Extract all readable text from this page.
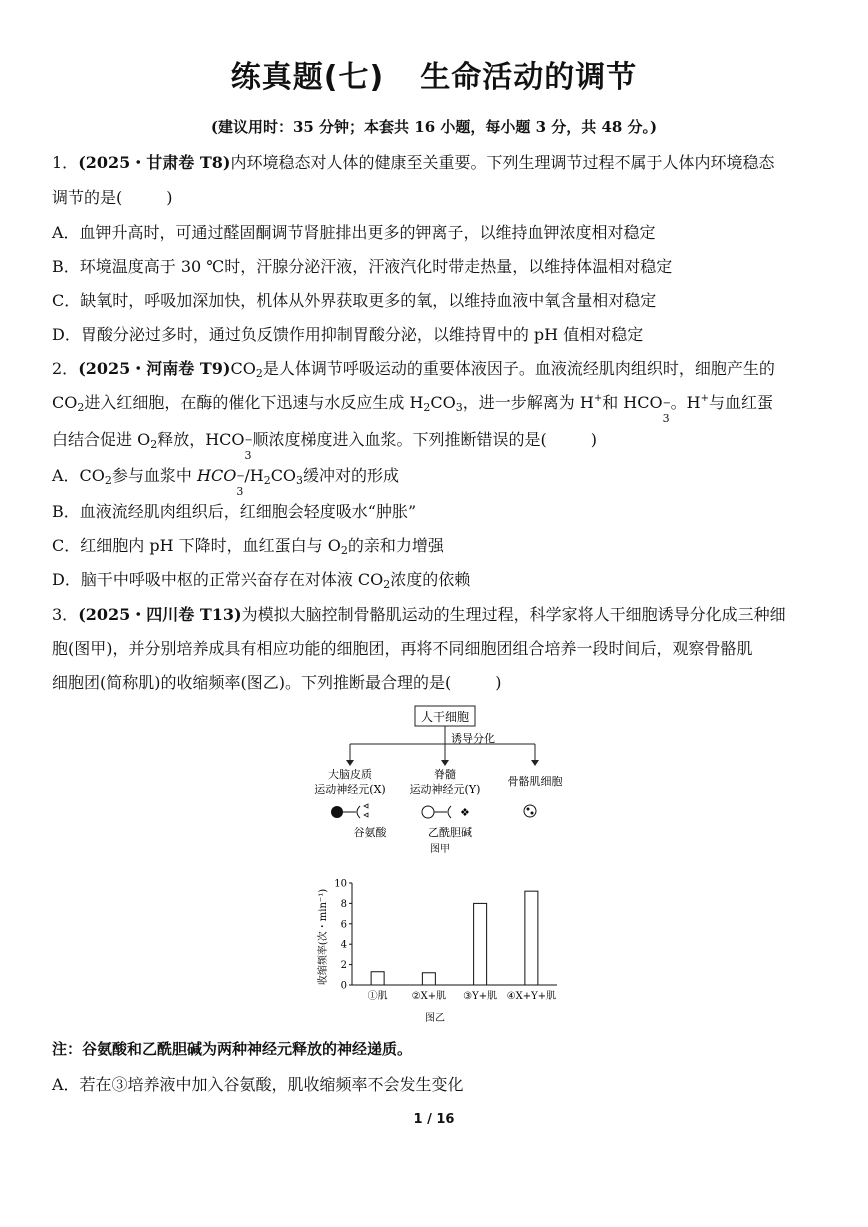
练真题(七) 生命活动的调节
(建议用时：35 分钟；本套共 16 小题，每小题 3 分，共 48 分。)
1．(2025・甘肃卷 T8)内环境稳态对人体的健康至关重要。下列生理调节过程不属于人体内环境稳态
调节的是(	)
A．血钾升高时，可通过醛固酮调节肾脏排出更多的钾离子，以维持血钾浓度相对稳定
B．环境温度高于 30 ℃时，汗腺分泌汗液，汗液汽化时带走热量，以维持体温相对稳定
C．缺氧时，呼吸加深加快，机体从外界获取更多的氧，以维持血液中氧含量相对稳定
D．胃酸分泌过多时，通过负反馈作用抑制胃酸分泌，以维持胃中的 pH 值相对稳定
2．(2025・河南卷 $T9)CO_2$是人体调节呼吸运动的重要体液因子。血液流经肌肉组织时，细胞产生的
$CO_2$进入红细胞，在酶的催化下迅速与水反应生成 $H_2CO_3$，进一步解离为 H+和 HCO −
3
。H+与血红蛋
白结合促进 $O_2$释放，HCO −
3
顺浓度梯度进入血浆。下列推断错误的是(	)
A．$CO_2$参与血浆中 HCO −
3
$/H_2CO_3$缓冲对的形成
B．血液流经肌肉组织后，红细胞会轻度吸水“肿胀”
C．红细胞内 pH 下降时，血红蛋白与 $O_2$的亲和力增强
D．脑干中呼吸中枢的正常兴奋存在对体液 $CO_2$浓度的依赖
3．(2025・四川卷 T13)为模拟大脑控制骨骼肌运动的生理过程，科学家将人干细胞诱导分化成三种细
胞(图甲)，并分别培养成具有相应功能的细胞团，再将不同细胞团组合培养一段时间后，观察骨骼肌
细胞团(简称肌)的收缩频率(图乙)。下列推断最合理的是(	)
人干细胞
诱导分化
大脑皮质
运动神经元(X)
脊髓
运动神经元(Y)
骨骼肌细胞
❖
谷氨酸	乙酰胆碱
图甲
收缩频率(次・min⁻¹)
0
2
4
6
8
10
①肌 ②X+肌 ③Y+肌 ④X+Y+肌
图乙
注：谷氨酸和乙酰胆碱为两种神经元释放的神经递质。
A．若在③培养液中加入谷氨酸，肌收缩频率不会发生变化
1 / 16
